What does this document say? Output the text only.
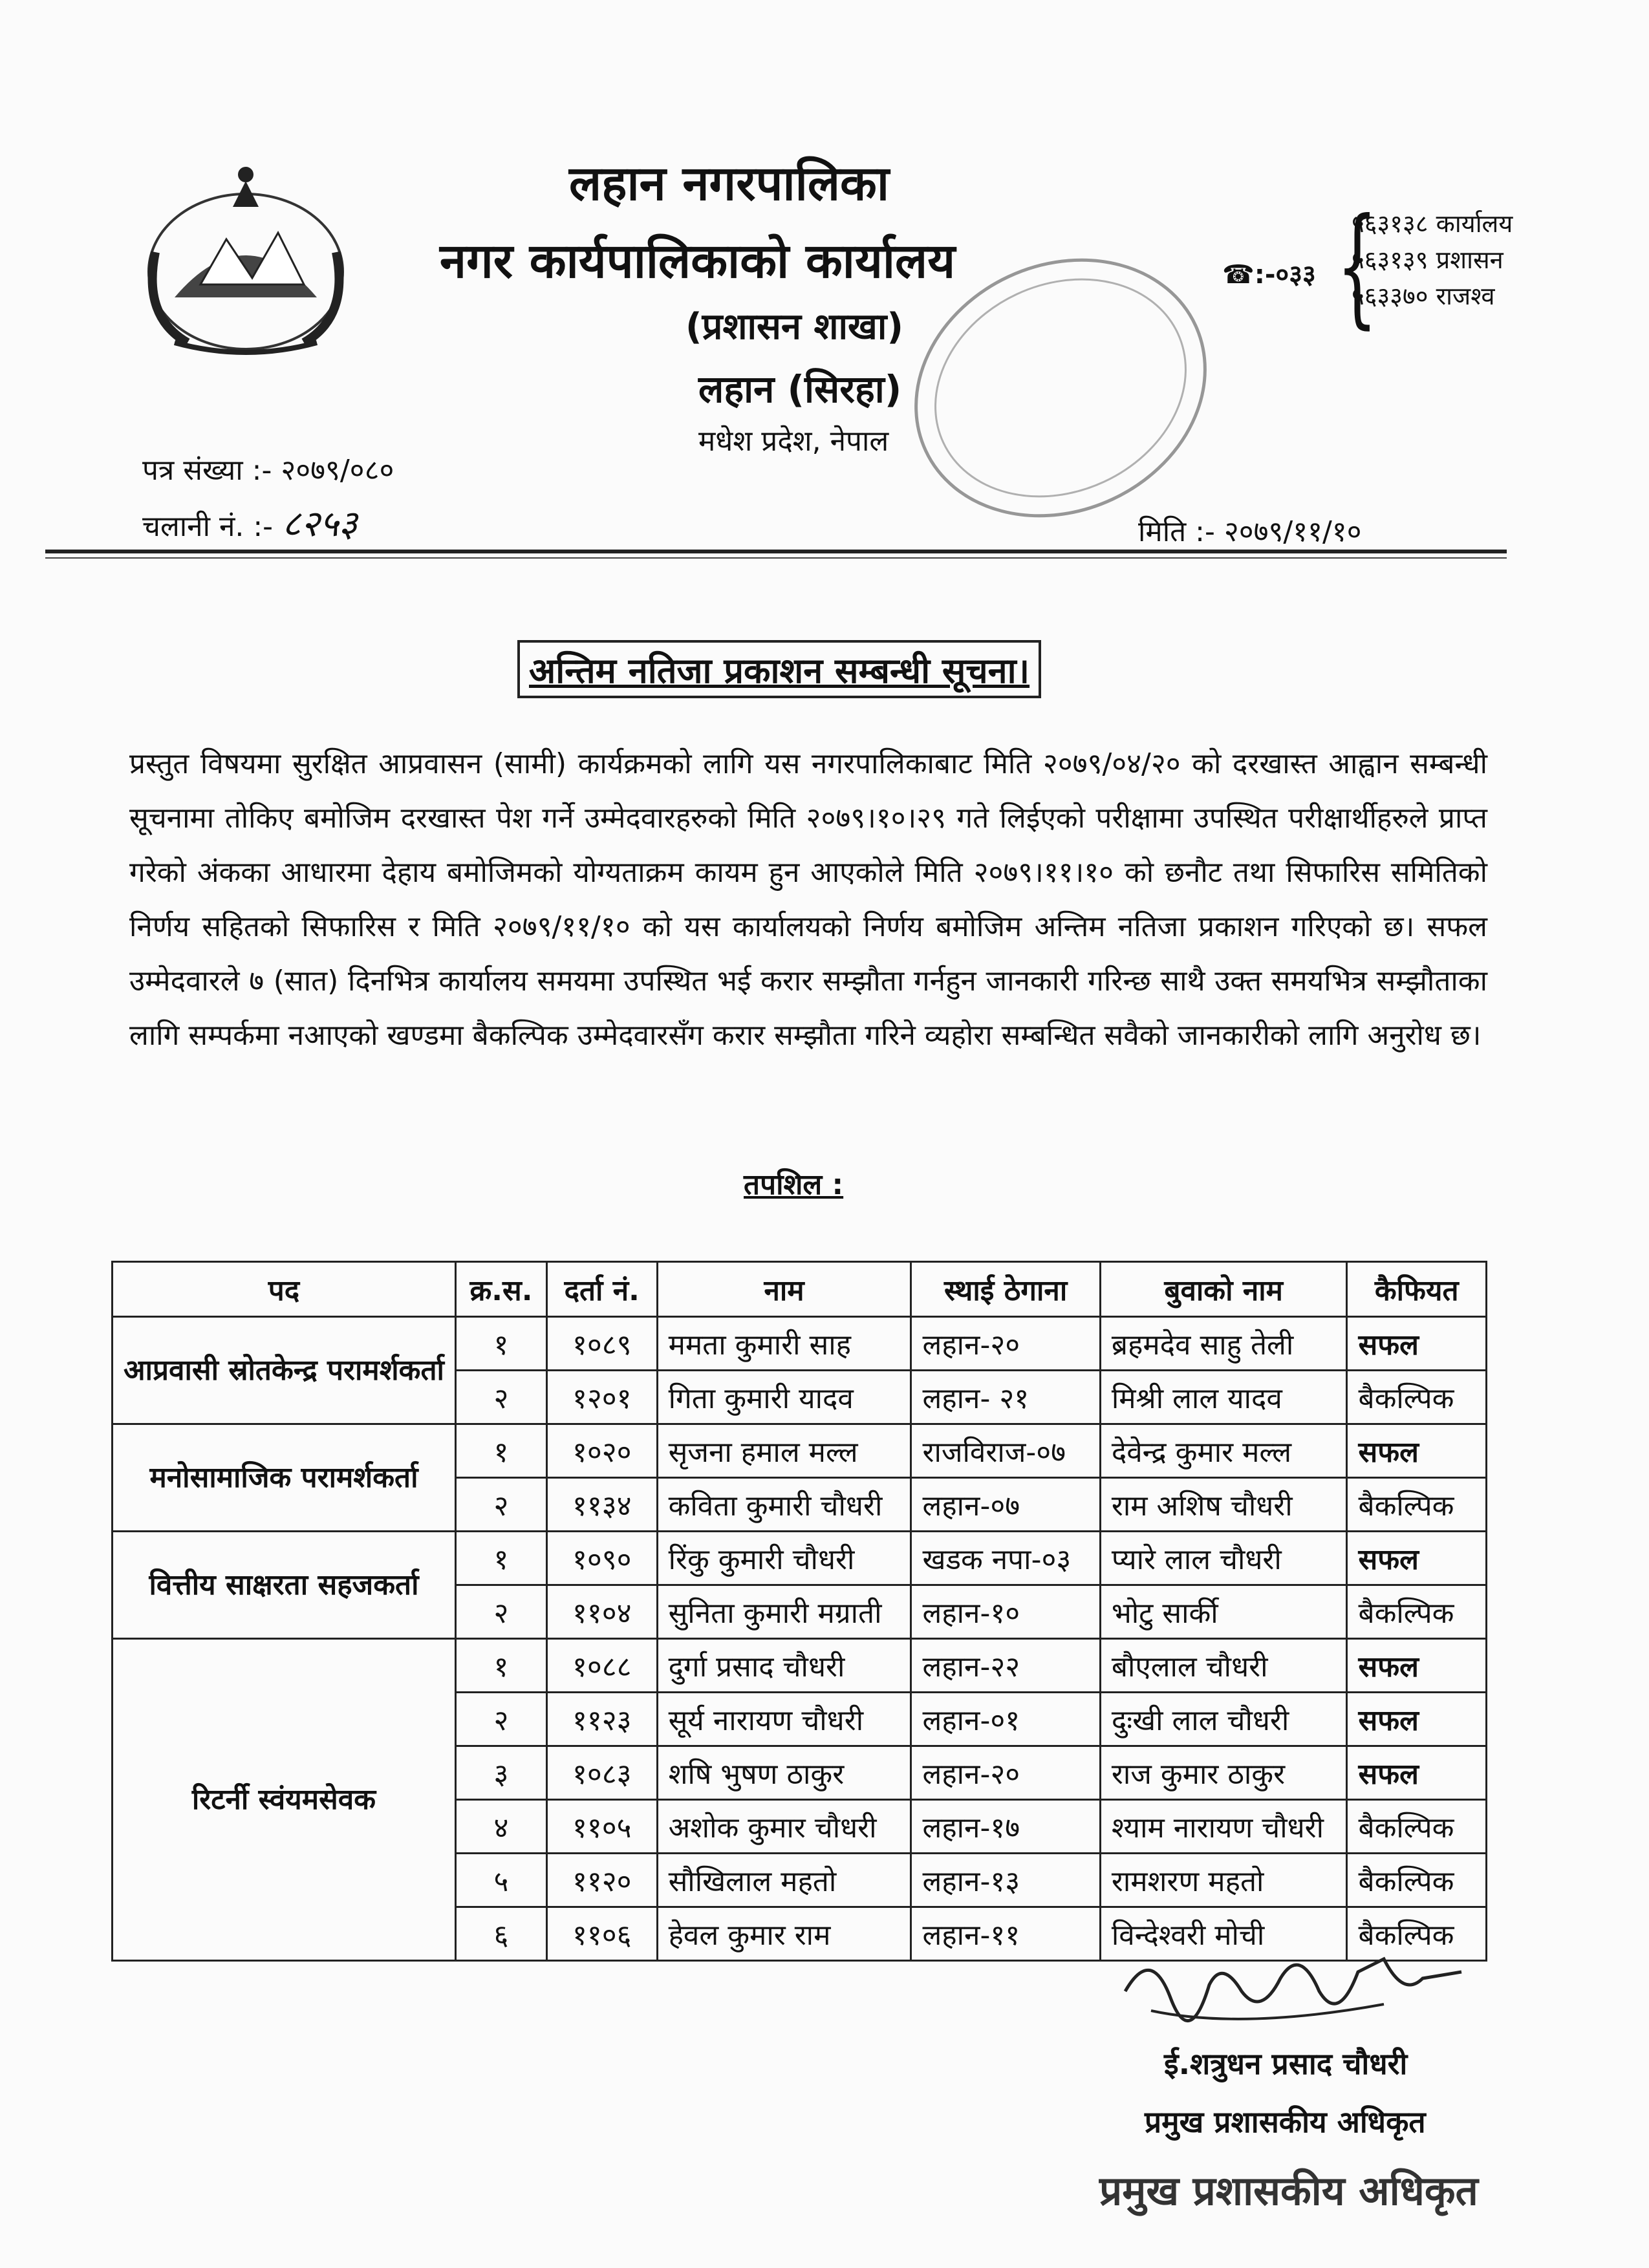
लहान नगरपालिका
नगर कार्यपालिकाको कार्यालय
(प्रशासन शाखा)
लहान (सिरहा)
मधेश प्रदेश, नेपाल
☎:-०३३ {
५६३१३८ कार्यालय
५६३१३९ प्रशासन
५६३३७० राजश्व
पत्र संख्या :- २०७९/०८०
चलानी नं. :- ८२५३	मिति :- २०७९/११/१०
अन्तिम नतिजा प्रकाशन सम्बन्धी सूचना।
प्रस्तुत विषयमा सुरक्षित आप्रवासन (सामी) कार्यक्रमको लागि यस नगरपालिकाबाट मिति २०७९/०४/२० को दरखास्त आह्वान सम्बन्धी सूचनामा तोकिए बमोजिम दरखास्त पेश गर्ने उम्मेदवारहरुको मिति २०७९।१०।२९ गते लिईएको परीक्षामा उपस्थित परीक्षार्थीहरुले प्राप्त गरेको अंकका आधारमा देहाय बमोजिमको योग्यताक्रम कायम हुन आएकोले मिति २०७९।११।१० को छनौट तथा सिफारिस समितिको निर्णय सहितको सिफारिस र मिति २०७९/११/१० को यस कार्यालयको निर्णय बमोजिम अन्तिम नतिजा प्रकाशन गरिएको छ। सफल उम्मेदवारले ७ (सात) दिनभित्र कार्यालय समयमा उपस्थित भई करार सम्झौता गर्नहुन जानकारी गरिन्छ साथै उक्त समयभित्र सम्झौताका लागि सम्पर्कमा नआएको खण्डमा बैकल्पिक उम्मेदवारसँग करार सम्झौता गरिने व्यहोरा सम्बन्धित सवैको जानकारीको लागि अनुरोध छ।
तपशिल :
पद	क्र.स.	दर्ता नं.	नाम	स्थाई ठेगाना	बुवाको नाम	कैफियत
आप्रवासी स्रोतकेन्द्र परामर्शकर्ता	१	१०८९	ममता कुमारी साह	लहान-२०	ब्रहमदेव साहु तेली	सफल
	२	१२०१	गिता कुमारी यादव	लहान- २१	मिश्री लाल यादव	बैकल्पिक
मनोसामाजिक परामर्शकर्ता	१	१०२०	सृजना हमाल मल्ल	राजविराज-०७	देवेन्द्र कुमार मल्ल	सफल
	२	११३४	कविता कुमारी चौधरी	लहान-०७	राम अशिष चौधरी	बैकल्पिक
वित्तीय साक्षरता सहजकर्ता	१	१०९०	रिंकु कुमारी चौधरी	खडक नपा-०३	प्यारे लाल चौधरी	सफल
	२	११०४	सुनिता कुमारी मग्राती	लहान-१०	भोटु सार्की	बैकल्पिक
रिटर्नी स्वंयमसेवक	१	१०८८	दुर्गा प्रसाद चौधरी	लहान-२२	बौएलाल चौधरी	सफल
	२	११२३	सूर्य नारायण चौधरी	लहान-०१	दुःखी लाल चौधरी	सफल
	३	१०८३	शषि भुषण ठाकुर	लहान-२०	राज कुमार ठाकुर	सफल
	४	११०५	अशोक कुमार चौधरी	लहान-१७	श्याम नारायण चौधरी	बैकल्पिक
	५	११२०	सौखिलाल महतो	लहान-१३	रामशरण महतो	बैकल्पिक
	६	११०६	हेवल कुमार राम	लहान-११	विन्देश्वरी मोची	बैकल्पिक
ई.शत्रुधन प्रसाद चौधरी
प्रमुख प्रशासकीय अधिकृत
प्रमुख प्रशासकीय अधिकृत
